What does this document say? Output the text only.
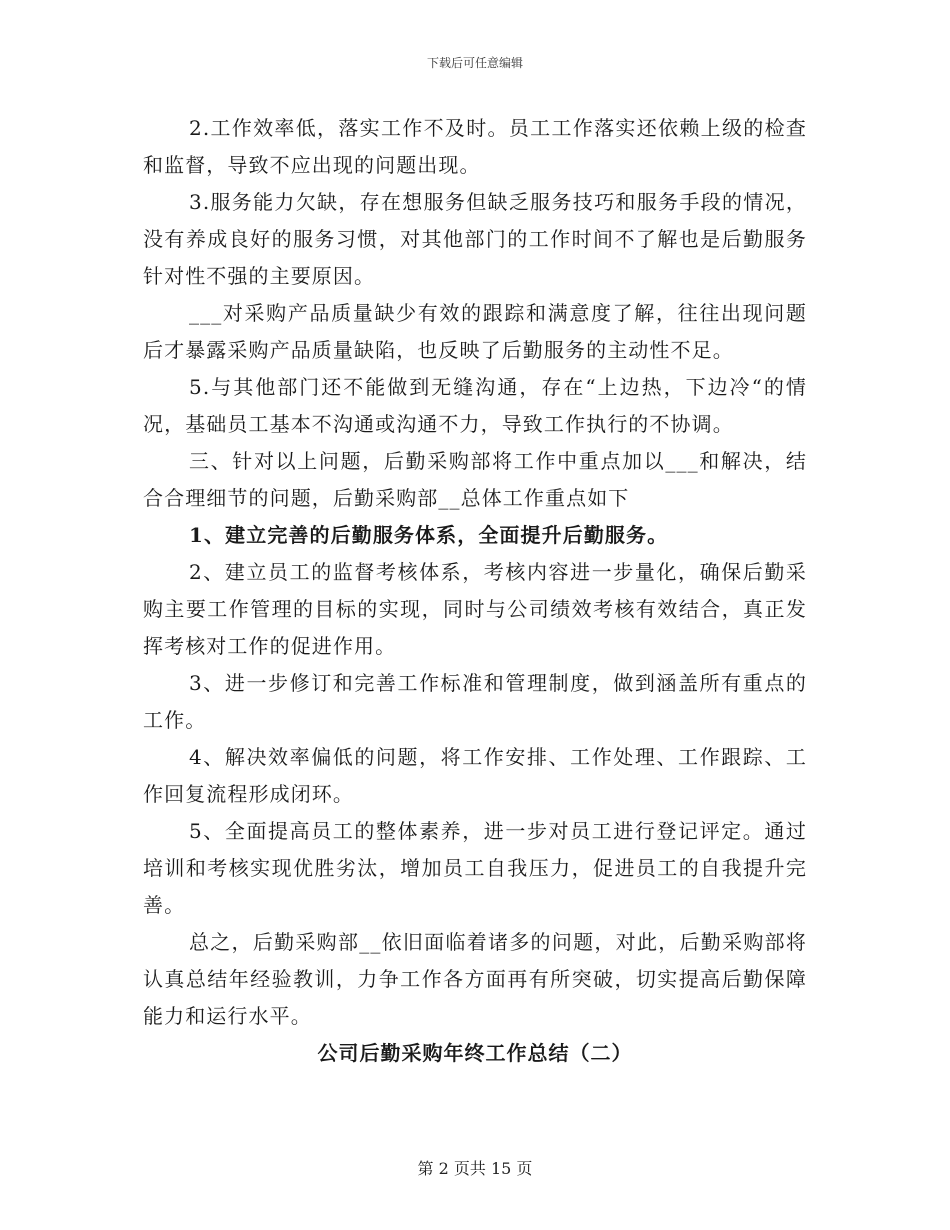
下载后可任意编辑

2.工作效率低，落实工作不及时。员工工作落实还依赖上级的检查和监督，导致不应出现的问题出现。

3.服务能力欠缺，存在想服务但缺乏服务技巧和服务手段的情况，没有养成良好的服务习惯，对其他部门的工作时间不了解也是后勤服务针对性不强的主要原因。

___对采购产品质量缺少有效的跟踪和满意度了解，往往出现问题后才暴露采购产品质量缺陷，也反映了后勤服务的主动性不足。

5.与其他部门还不能做到无缝沟通，存在“上边热，下边冷“的情况，基础员工基本不沟通或沟通不力，导致工作执行的不协调。

三、针对以上问题，后勤采购部将工作中重点加以___和解决，结合合理细节的问题，后勤采购部__总体工作重点如下

1、建立完善的后勤服务体系，全面提升后勤服务。

2、建立员工的监督考核体系，考核内容进一步量化，确保后勤采购主要工作管理的目标的实现，同时与公司绩效考核有效结合，真正发挥考核对工作的促进作用。

3、进一步修订和完善工作标准和管理制度，做到涵盖所有重点的工作。

4、解决效率偏低的问题，将工作安排、工作处理、工作跟踪、工作回复流程形成闭环。

5、全面提高员工的整体素养，进一步对员工进行登记评定。通过培训和考核实现优胜劣汰，增加员工自我压力，促进员工的自我提升完善。

总之，后勤采购部__依旧面临着诸多的问题，对此，后勤采购部将认真总结年经验教训，力争工作各方面再有所突破，切实提高后勤保障能力和运行水平。

公司后勤采购年终工作总结（二）

第 2 页共 15 页
